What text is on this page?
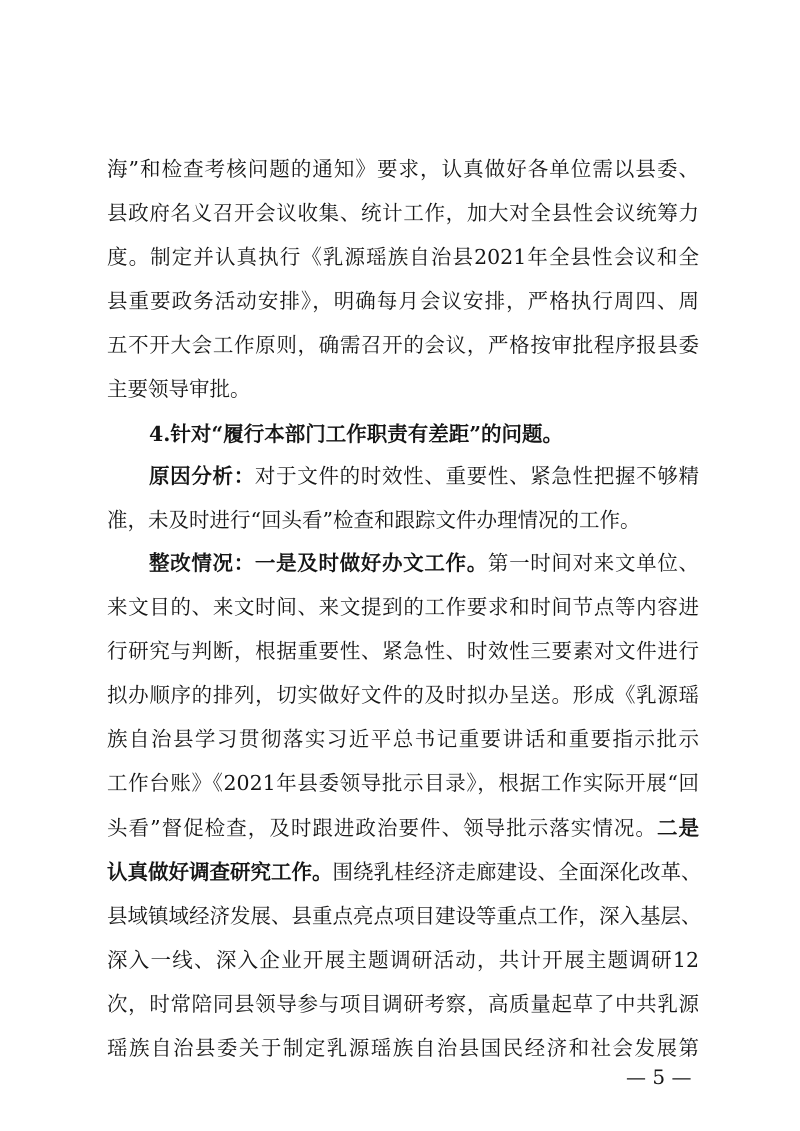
海”和检查考核问题的通知》要求，认真做好各单位需以县委、
县政府名义召开会议收集、统计工作，加大对全县性会议统筹力
度。制定并认真执行《乳源瑶族自治县2021年全县性会议和全
县重要政务活动安排》，明确每月会议安排，严格执行周四、周
五不开大会工作原则，确需召开的会议，严格按审批程序报县委
主要领导审批。
4.针对“履行本部门工作职责有差距”的问题。
原因分析：对于文件的时效性、重要性、紧急性把握不够精
准，未及时进行“回头看”检查和跟踪文件办理情况的工作。
整改情况：一是及时做好办文工作。第一时间对来文单位、
来文目的、来文时间、来文提到的工作要求和时间节点等内容进
行研究与判断，根据重要性、紧急性、时效性三要素对文件进行
拟办顺序的排列，切实做好文件的及时拟办呈送。形成《乳源瑶
族自治县学习贯彻落实习近平总书记重要讲话和重要指示批示
工作台账》《2021年县委领导批示目录》，根据工作实际开展“回
头看”督促检查，及时跟进政治要件、领导批示落实情况。二是
认真做好调查研究工作。围绕乳桂经济走廊建设、全面深化改革、
县域镇域经济发展、县重点亮点项目建设等重点工作，深入基层、
深入一线、深入企业开展主题调研活动，共计开展主题调研12
次，时常陪同县领导参与项目调研考察，高质量起草了中共乳源
瑶族自治县委关于制定乳源瑶族自治县国民经济和社会发展第
— 5 —
